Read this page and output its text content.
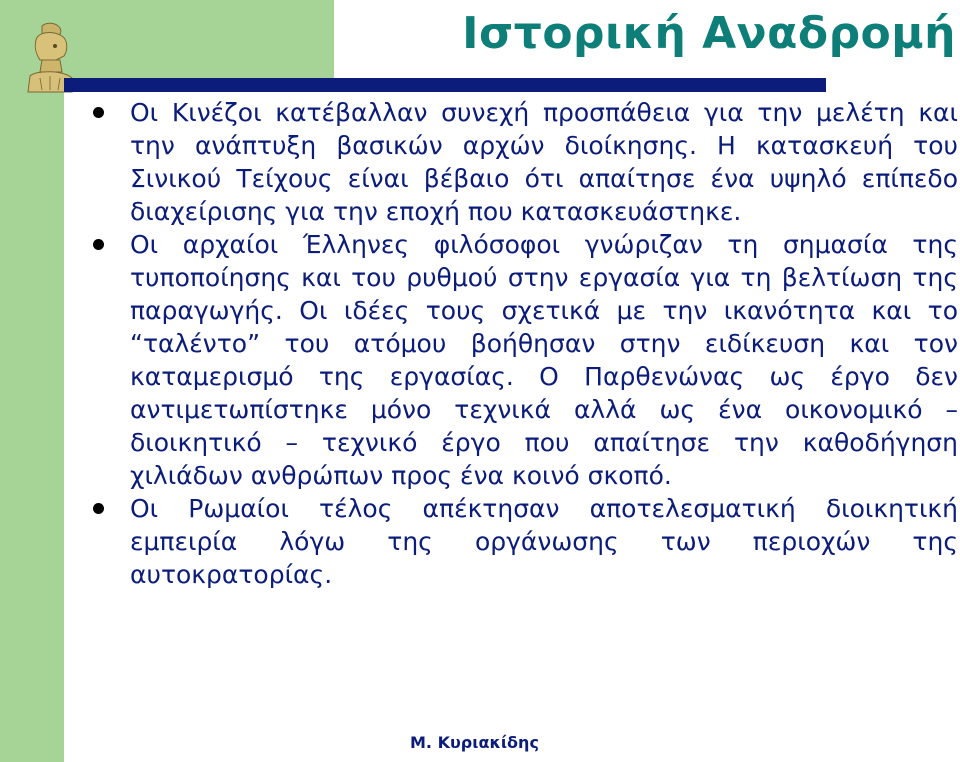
Ιστορική Αναδρομή
Οι Κινέζοι κατέβαλλαν συνεχή προσπάθεια για την μελέτη και την ανάπτυξη βασικών αρχών διοίκησης. Η κατασκευή του Σινικού Τείχους είναι βέβαιο ότι απαίτησε ένα υψηλό επίπεδο διαχείρισης για την εποχή που κατασκευάστηκε.
Οι αρχαίοι Έλληνες φιλόσοφοι γνώριζαν τη σημασία της τυποποίησης και του ρυθμού στην εργασία για τη βελτίωση της παραγωγής. Οι ιδέες τους σχετικά με την ικανότητα και το “ταλέντο” του ατόμου βοήθησαν στην ειδίκευση και τον καταμερισμό της εργασίας. Ο Παρθενώνας ως έργο δεν αντιμετωπίστηκε μόνο τεχνικά αλλά ως ένα οικονομικό – διοικητικό – τεχνικό έργο που απαίτησε την καθοδήγηση χιλιάδων ανθρώπων προς ένα κοινό σκοπό.
Οι Ρωμαίοι τέλος απέκτησαν αποτελεσματική διοικητική εμπειρία λόγω της οργάνωσης των περιοχών της αυτοκρατορίας.
Μ. Κυριακίδης
